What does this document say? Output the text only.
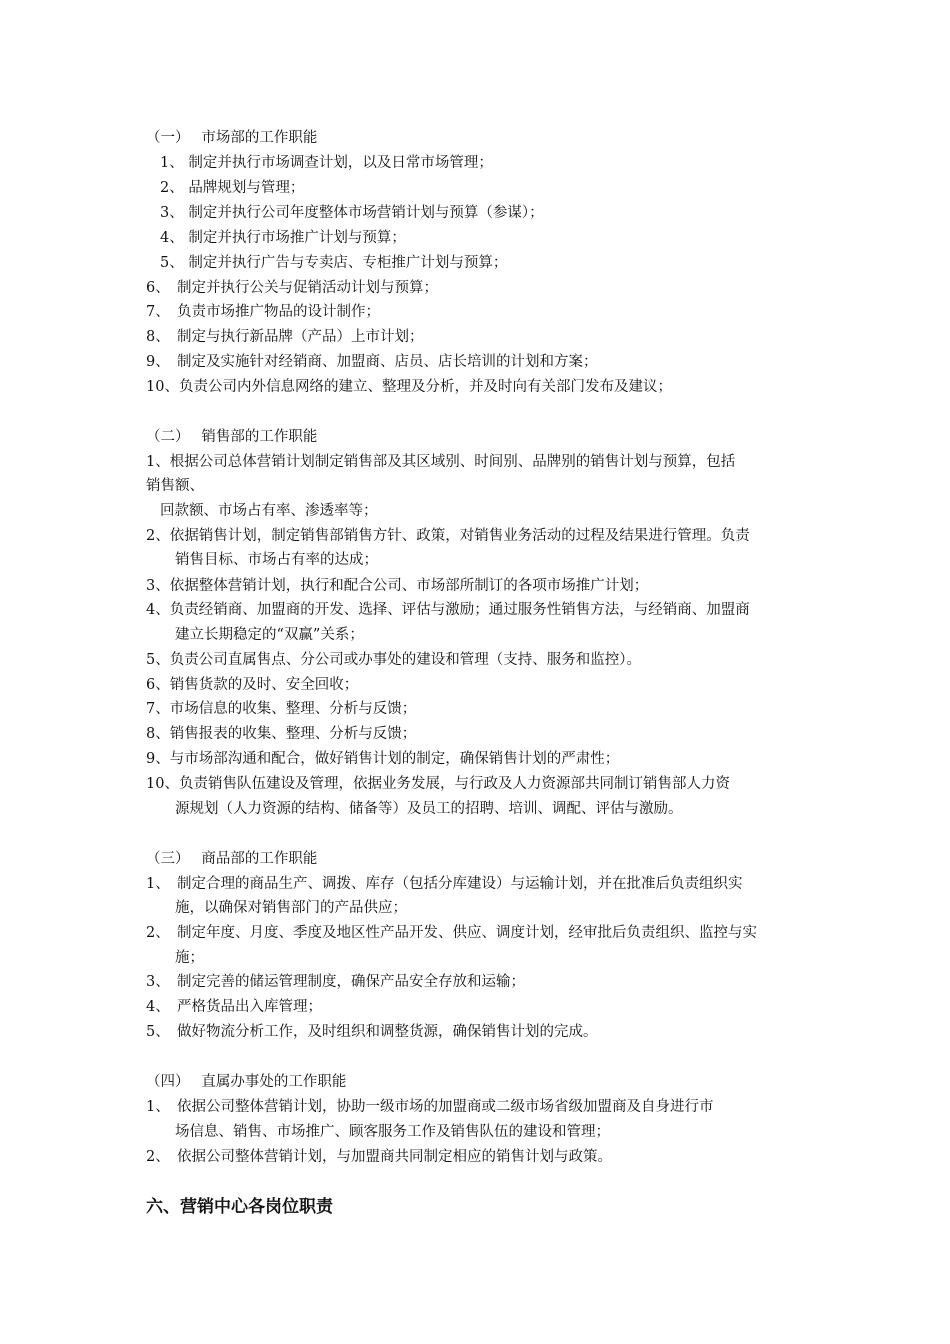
（一）　 市场部的工作职能
1、 制定并执行市场调查计划，以及日常市场管理；
2、 品牌规划与管理；
3、 制定并执行公司年度整体市场营销计划与预算（参谋）；
4、 制定并执行市场推广计划与预算；
5、 制定并执行广告与专卖店、专柜推广计划与预算；
6、　制定并执行公关与促销活动计划与预算；
7、　负责市场推广物品的设计制作；
8、　制定与执行新品牌（产品）上市计划；
9、　制定及实施针对经销商、加盟商、店员、店长培训的计划和方案；
10、负责公司内外信息网络的建立、整理及分析，并及时向有关部门发布及建议；
（二）　 销售部的工作职能
1、根据公司总体营销计划制定销售部及其区域别、时间别、品牌别的销售计划与预算，包括
销售额、
回款额、市场占有率、渗透率等；
2、依据销售计划，制定销售部销售方针、政策，对销售业务活动的过程及结果进行管理。负责
销售目标、市场占有率的达成；
3、依据整体营销计划，执行和配合公司、市场部所制订的各项市场推广计划；
4、负责经销商、加盟商的开发、选择、评估与激励；通过服务性销售方法，与经销商、加盟商
建立长期稳定的“双赢”关系；
5、负责公司直属售点、分公司或办事处的建设和管理（支持、服务和监控）。
6、销售货款的及时、安全回收；
7、市场信息的收集、整理、分析与反馈；
8、销售报表的收集、整理、分析与反馈；
9、与市场部沟通和配合，做好销售计划的制定，确保销售计划的严肃性；
10、负责销售队伍建设及管理，依据业务发展，与行政及人力资源部共同制订销售部人力资
源规划（人力资源的结构、储备等）及员工的招聘、培训、调配、评估与激励。
（三）　 商品部的工作职能
1、　制定合理的商品生产、调拨、库存（包括分库建设）与运输计划，并在批准后负责组织实
施，以确保对销售部门的产品供应；
2、　制定年度、月度、季度及地区性产品开发、供应、调度计划，经审批后负责组织、监控与实
施；
3、　制定完善的储运管理制度，确保产品安全存放和运输；
4、　严格货品出入库管理；
5、　做好物流分析工作，及时组织和调整货源，确保销售计划的完成。
（四）　 直属办事处的工作职能
1、　依据公司整体营销计划，协助一级市场的加盟商或二级市场省级加盟商及自身进行市
场信息、销售、市场推广、顾客服务工作及销售队伍的建设和管理；
2、　依据公司整体营销计划，与加盟商共同制定相应的销售计划与政策。
六、营销中心各岗位职责
